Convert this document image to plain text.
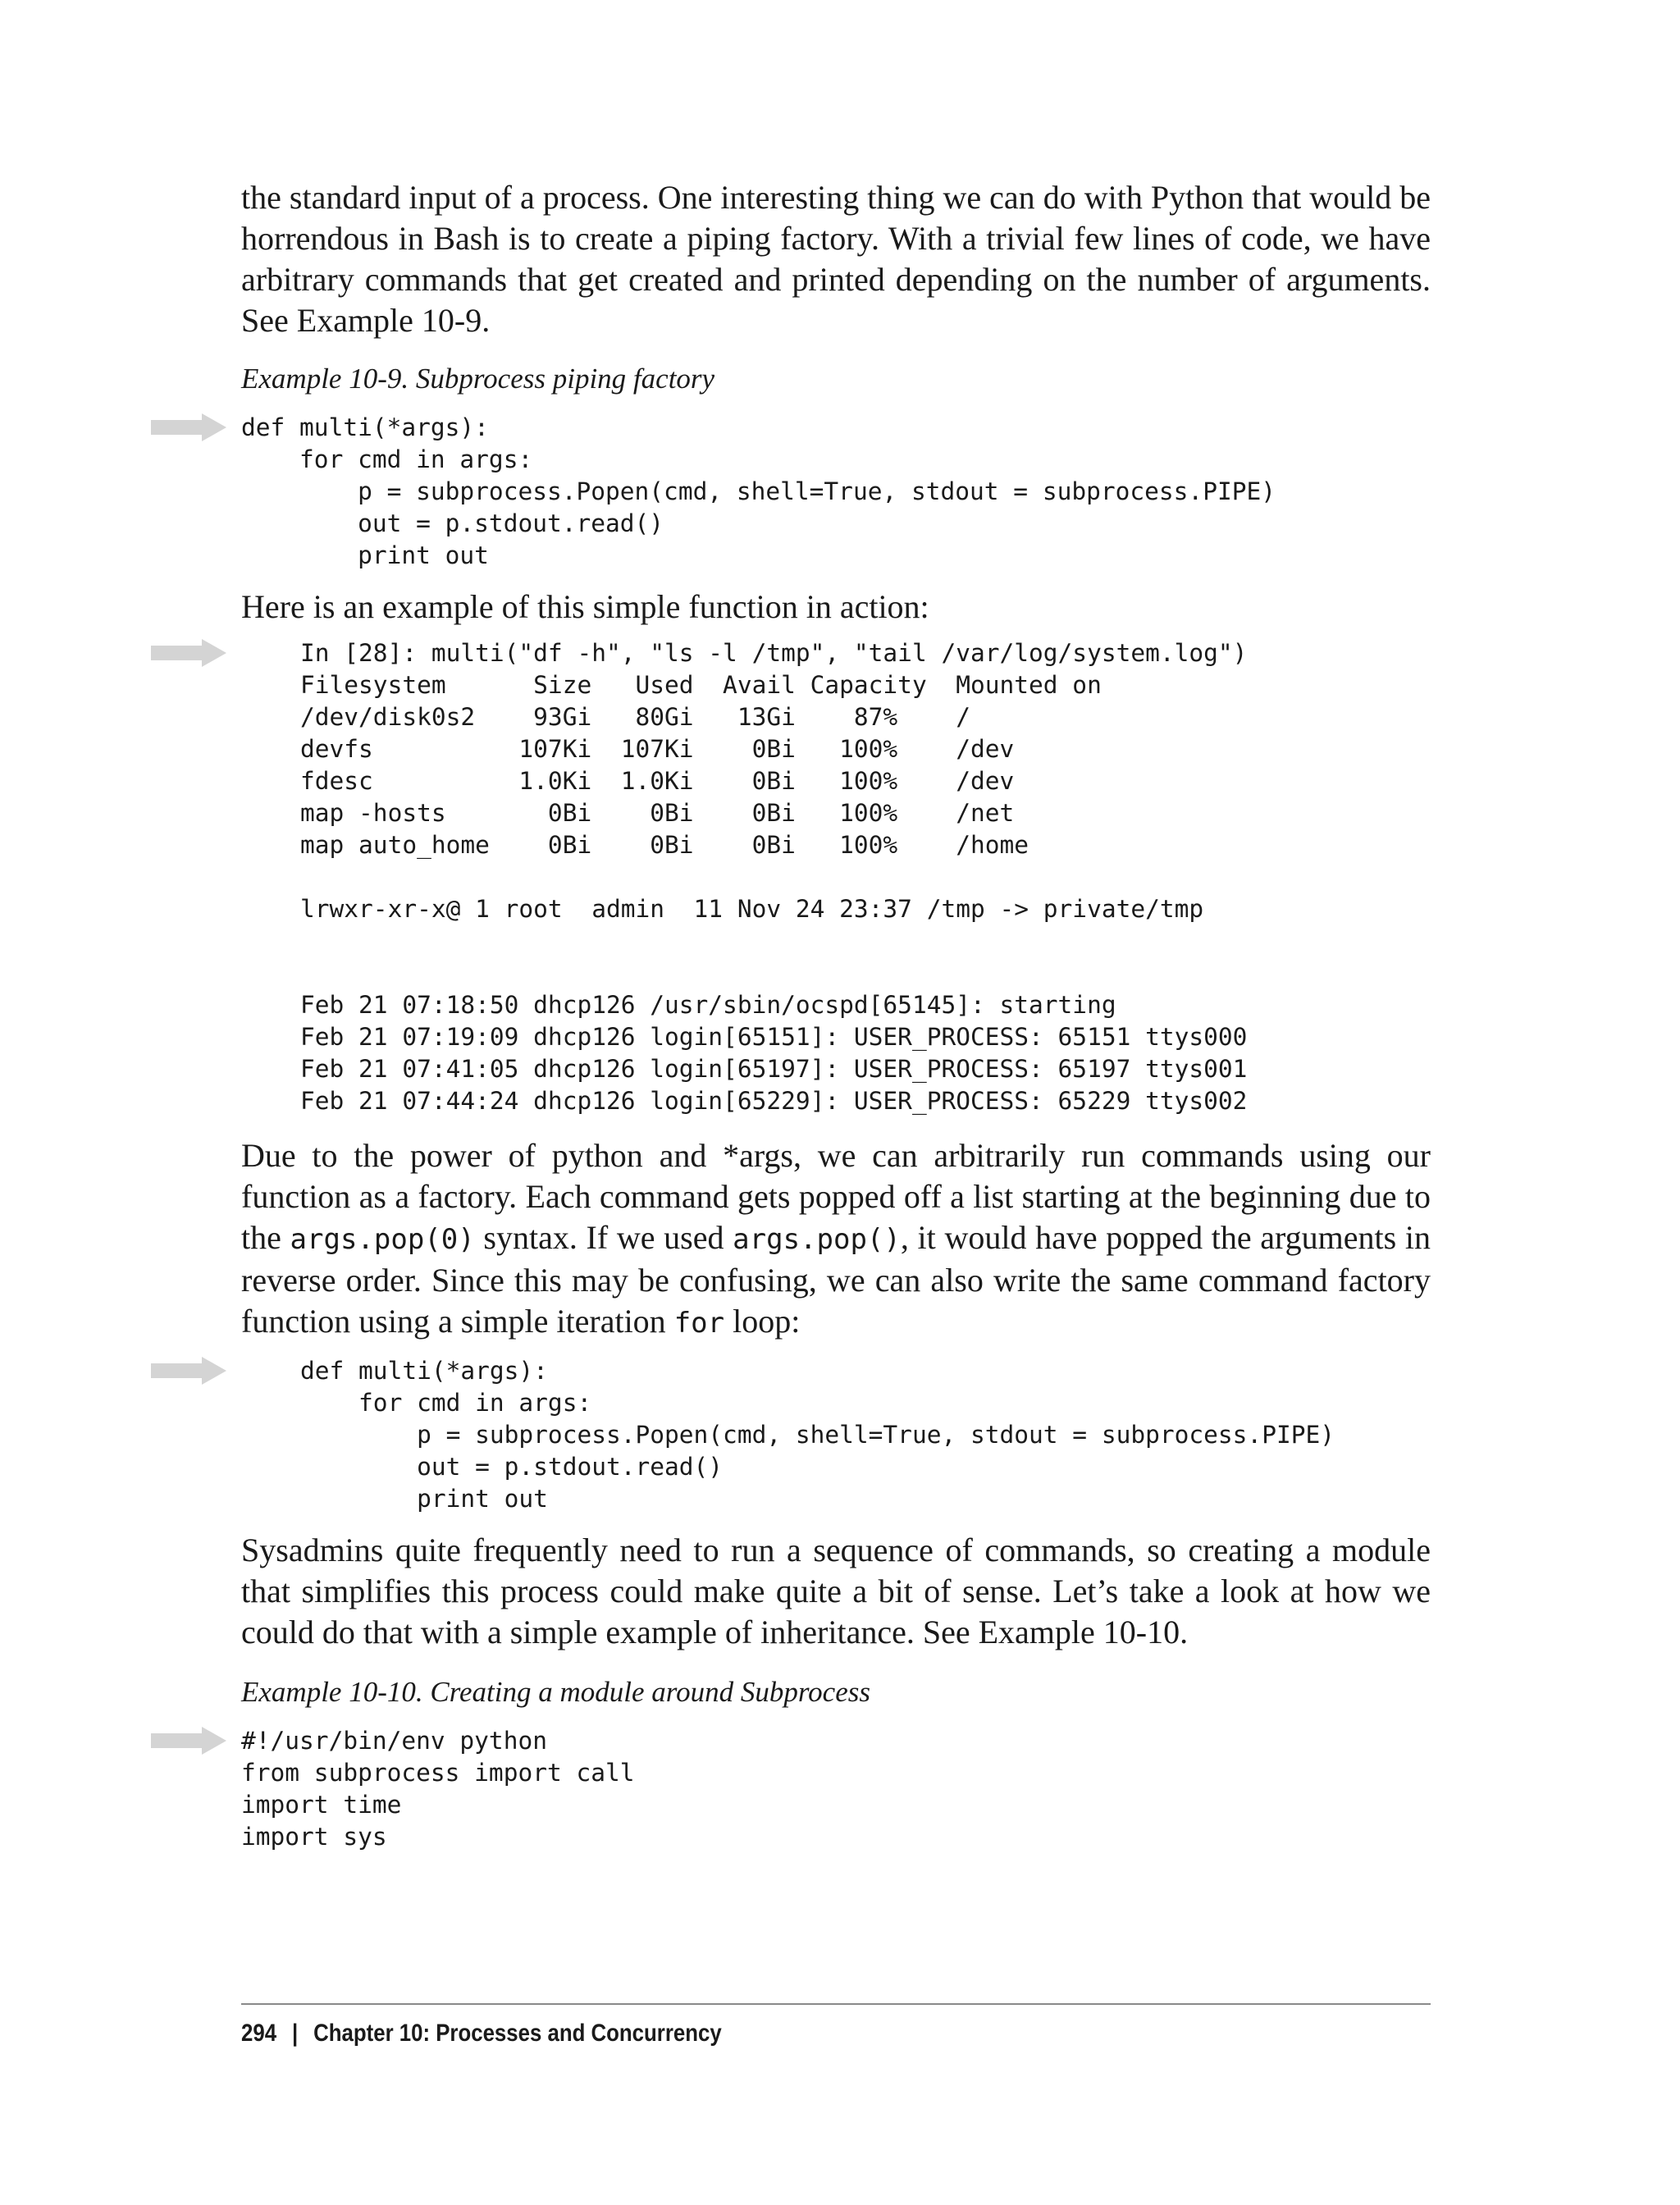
the standard input of a process. One interesting thing we can do with Python that would be horrendous in Bash is to create a piping factory. With a trivial few lines of code, we have arbitrary commands that get created and printed depending on the number of arguments. See Example 10-9.

Example 10-9. Subprocess piping factory

def multi(*args):
for cmd in args:
p = subprocess.Popen(cmd, shell=True, stdout = subprocess.PIPE)
out = p.stdout.read()
print out

Here is an example of this simple function in action:

In [28]: multi("df -h", "ls -l /tmp", "tail /var/log/system.log")
Filesystem      Size   Used  Avail Capacity  Mounted on
/dev/disk0s2    93Gi   80Gi   13Gi    87%    /
devfs          107Ki  107Ki    0Bi   100%    /dev
fdesc          1.0Ki  1.0Ki    0Bi   100%    /dev
map -hosts       0Bi    0Bi    0Bi   100%    /net
map auto_home    0Bi    0Bi    0Bi   100%    /home

lrwxr-xr-x@ 1 root  admin  11 Nov 24 23:37 /tmp -> private/tmp

Feb 21 07:18:50 dhcp126 /usr/sbin/ocspd[65145]: starting
Feb 21 07:19:09 dhcp126 login[65151]: USER_PROCESS: 65151 ttys000
Feb 21 07:41:05 dhcp126 login[65197]: USER_PROCESS: 65197 ttys001
Feb 21 07:44:24 dhcp126 login[65229]: USER_PROCESS: 65229 ttys002

Due to the power of python and *args, we can arbitrarily run commands using our function as a factory. Each command gets popped off a list starting at the beginning due to the args.pop(0) syntax. If we used args.pop(), it would have popped the arguments in reverse order. Since this may be confusing, we can also write the same command factory function using a simple iteration for loop:

def multi(*args):
for cmd in args:
p = subprocess.Popen(cmd, shell=True, stdout = subprocess.PIPE)
out = p.stdout.read()
print out

Sysadmins quite frequently need to run a sequence of commands, so creating a module that simplifies this process could make quite a bit of sense. Let’s take a look at how we could do that with a simple example of inheritance. See Example 10-10.

Example 10-10. Creating a module around Subprocess

#!/usr/bin/env python
from subprocess import call
import time
import sys
294 | Chapter 10: Processes and Concurrency
